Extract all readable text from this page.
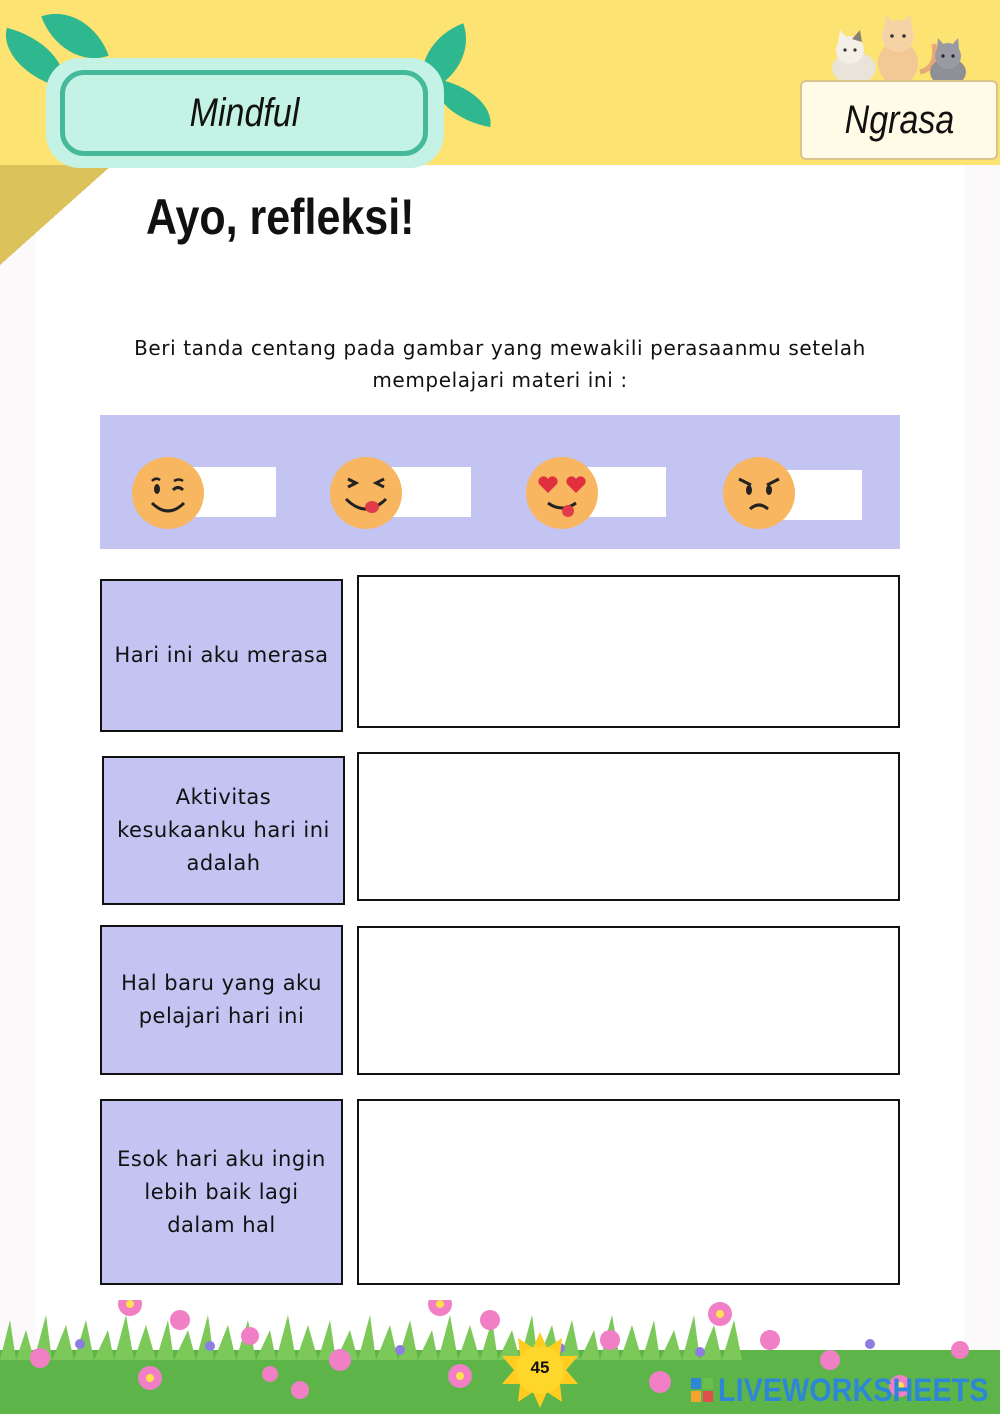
Mindful	Ngrasa
Ayo, refleksi!
Beri tanda centang pada gambar yang mewakili perasaanmu setelah mempelajari materi ini :
Hari ini aku merasa
Aktivitas kesukaanku hari ini adalah
Hal baru yang aku pelajari hari ini
Esok hari aku ingin lebih baik lagi dalam hal
45
LIVEWORKSHEETS
